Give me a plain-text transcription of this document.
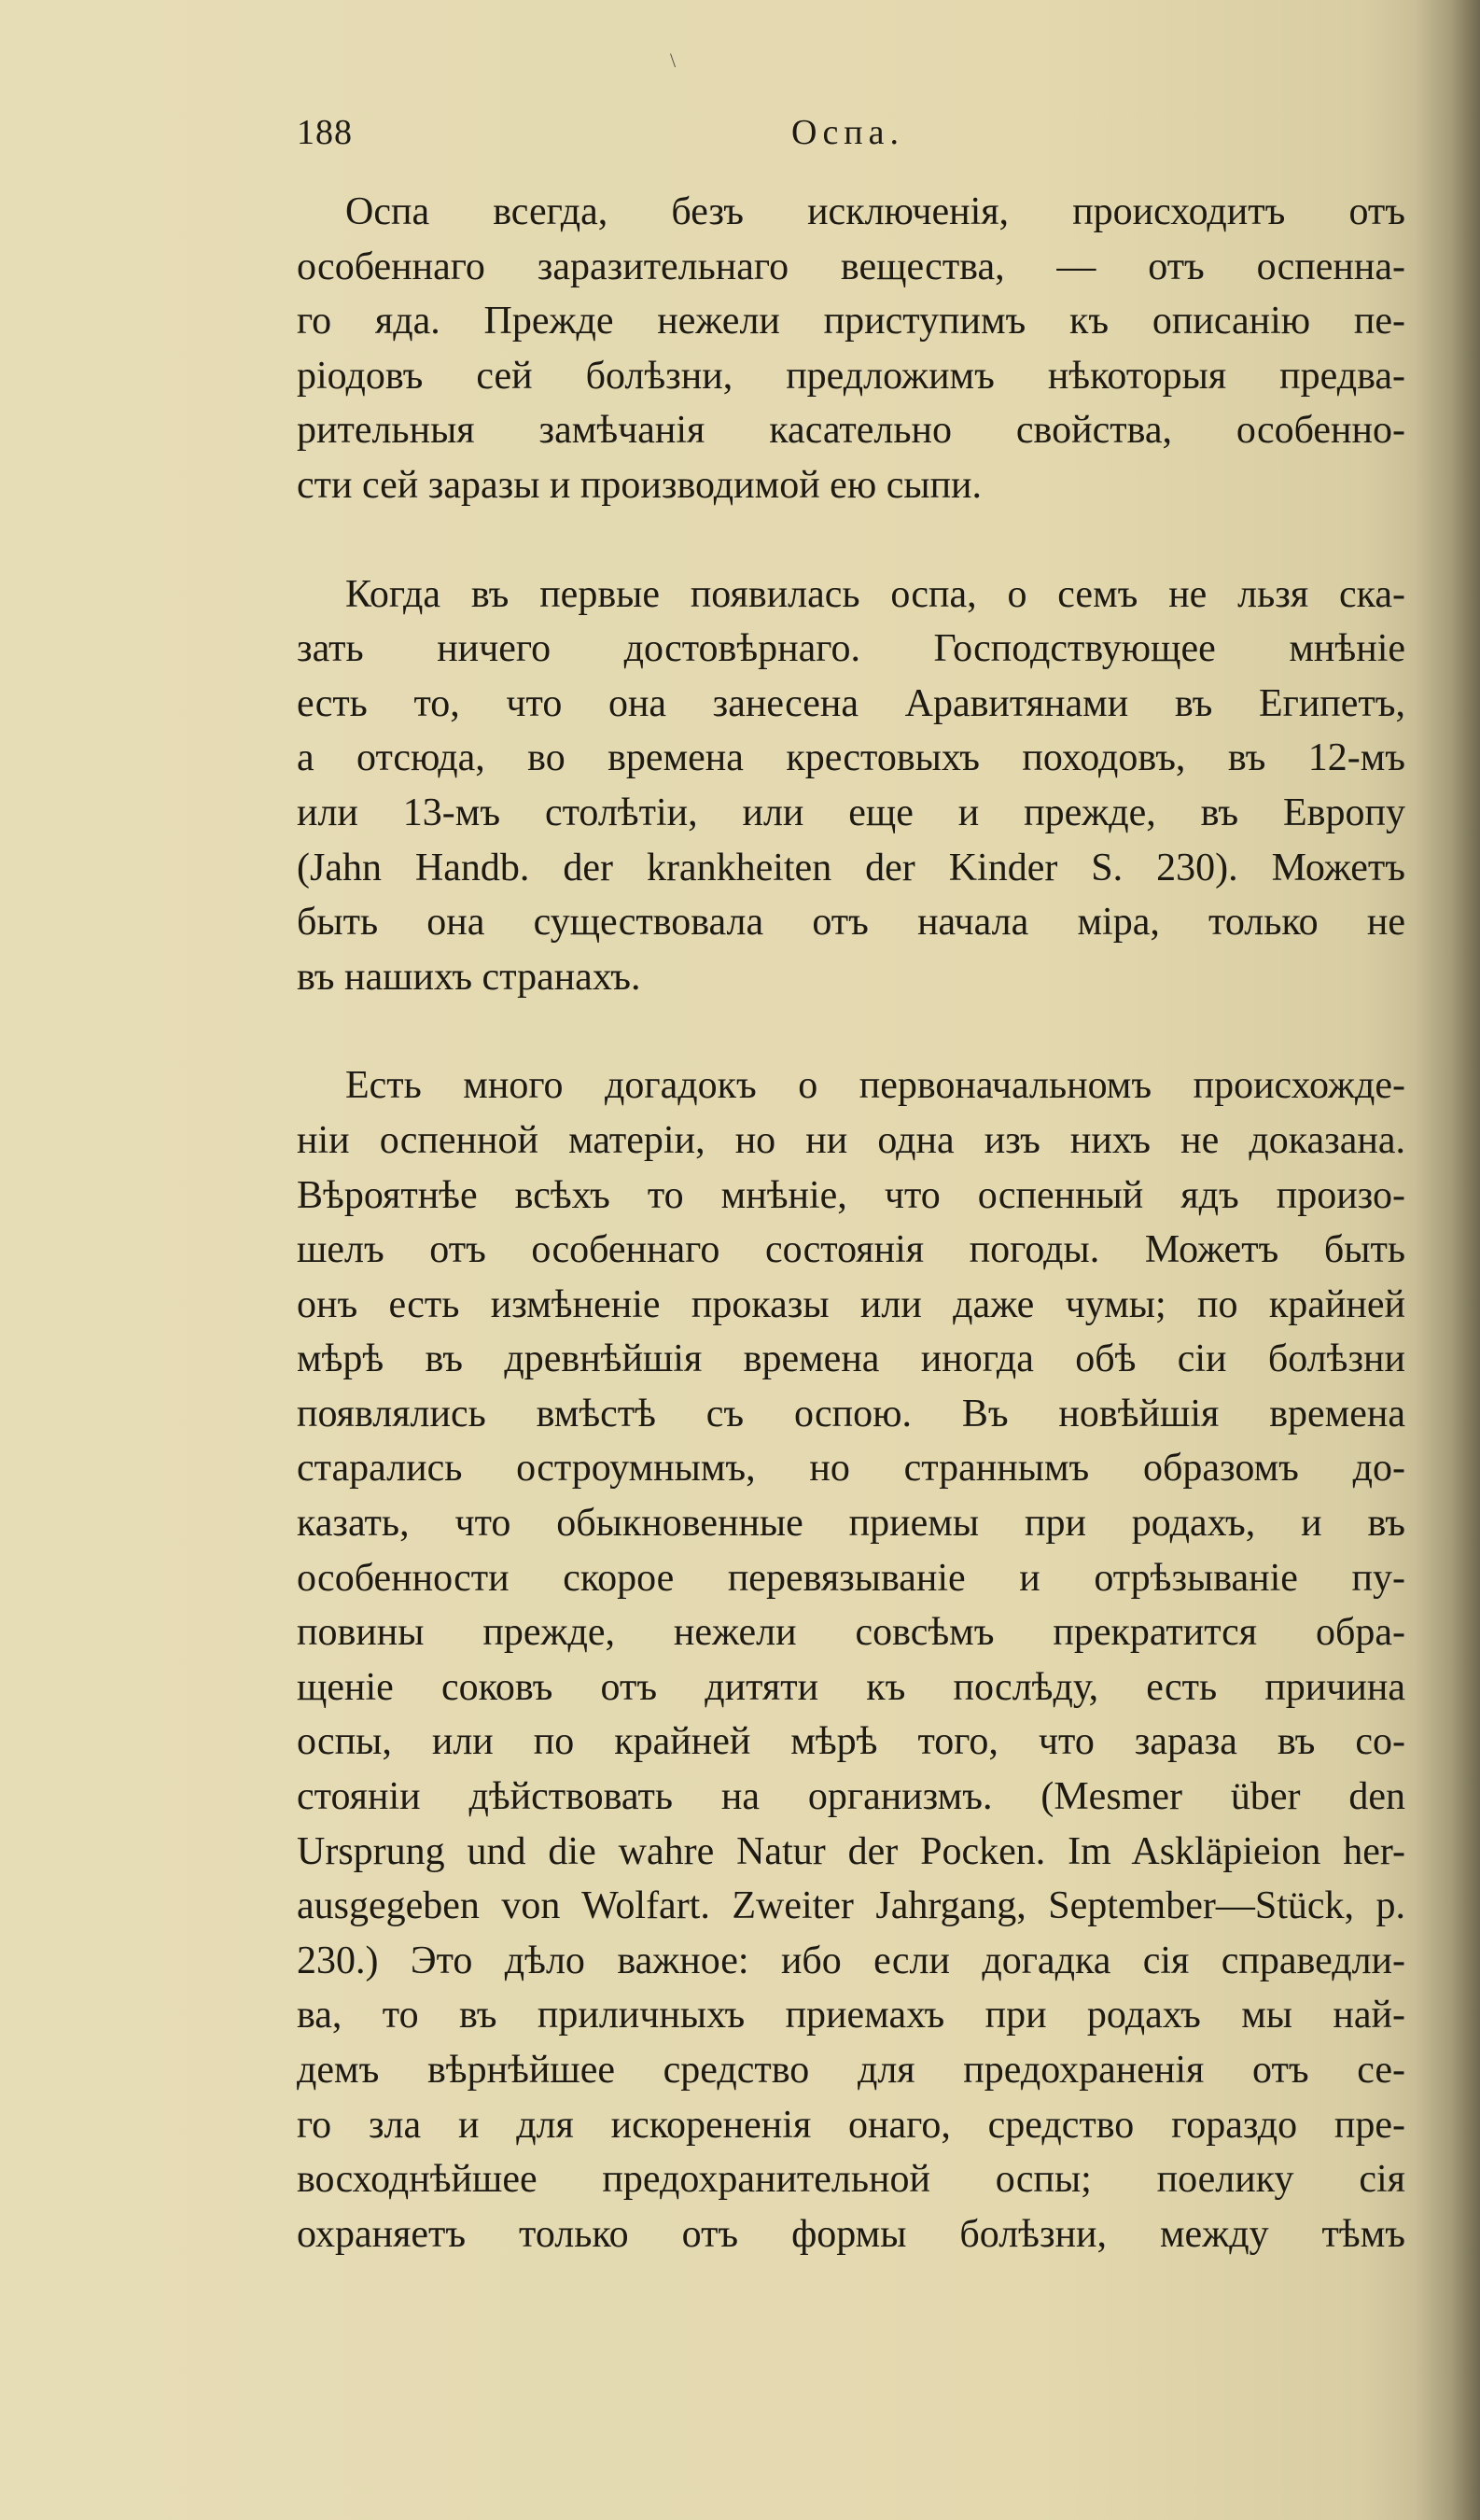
\
188	Оспа.
Оспа всегда, безъ исключенія, происходитъ отъ
особеннаго заразительнаго вещества, — отъ оспенна-
го яда. Прежде нежели приступимъ къ описанію пе-
ріодовъ сей болѣзни, предложимъ нѣкоторыя предва-
рительныя замѣчанія касательно свойства, особенно-
сти сей заразы и производимой ею сыпи.
Когда въ первые появилась оспа, о семъ не льзя ска-
зать ничего достовѣрнаго. Господствующее мнѣніе
есть то, что она занесена Аравитянами въ Египетъ,
а отсюда, во времена крестовыхъ походовъ, въ 12-мъ
или 13-мъ столѣтіи, или еще и прежде, въ Европу
(Jahn Handb. der krankheiten der Kinder S. 230). Можетъ
быть она существовала отъ начала міра, только не
въ нашихъ странахъ.
Есть много догадокъ о первоначальномъ происхожде-
ніи оспенной матеріи, но ни одна изъ нихъ не доказана.
Вѣроятнѣе всѣхъ то мнѣніе, что оспенный ядъ произо-
шелъ отъ особеннаго состоянія погоды. Можетъ быть
онъ есть измѣненіе проказы или даже чумы; по крайней
мѣрѣ въ древнѣйшія времена иногда обѣ сіи болѣзни
появлялись вмѣстѣ съ оспою. Въ новѣйшія времена
старались остроумнымъ, но страннымъ образомъ до-
казать, что обыкновенные приемы при родахъ, и въ
особенности скорое перевязываніе и отрѣзываніе пу-
повины прежде, нежели совсѣмъ прекратится обра-
щеніе соковъ отъ дитяти къ послѣду, есть причина
оспы, или по крайней мѣрѣ того, что зараза въ со-
стояніи дѣйствовать на организмъ. (Mesmer über den
Ursprung und die wahre Natur der Pocken. Im Askläpieion her-
ausgegeben von Wolfart. Zweiter Jahrgang, September—Stück, p.
230.) Это дѣло важное: ибо если догадка сія справедли-
ва, то въ приличныхъ приемахъ при родахъ мы най-
демъ вѣрнѣйшее средство для предохраненія отъ се-
го зла и для искорененія онаго, средство гораздо пре-
восходнѣйшее предохранительной оспы; поелику сія
охраняетъ только отъ формы болѣзни, между тѣмъ
